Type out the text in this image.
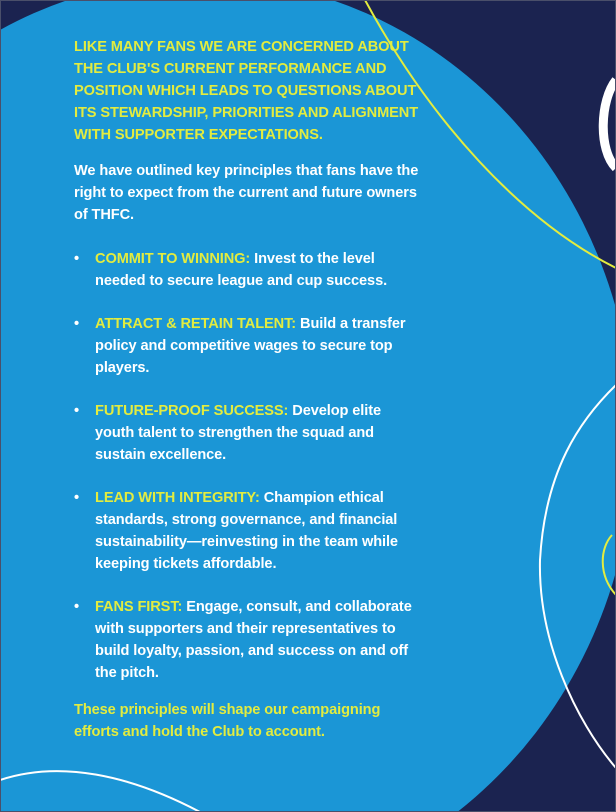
LIKE MANY FANS WE ARE CONCERNED ABOUT THE CLUB'S CURRENT PERFORMANCE AND POSITION WHICH LEADS TO QUESTIONS ABOUT ITS STEWARDSHIP, PRIORITIES AND ALIGNMENT WITH SUPPORTER EXPECTATIONS.

We have outlined key principles that fans have the right to expect from the current and future owners of THFC.

• COMMIT TO WINNING: Invest to the level needed to secure league and cup success.
• ATTRACT & RETAIN TALENT: Build a transfer policy and competitive wages to secure top players.
• FUTURE-PROOF SUCCESS: Develop elite youth talent to strengthen the squad and sustain excellence.
• LEAD WITH INTEGRITY: Champion ethical standards, strong governance, and financial sustainability—reinvesting in the team while keeping tickets affordable.
• FANS FIRST: Engage, consult, and collaborate with supporters and their representatives to build loyalty, passion, and success on and off the pitch.

These principles will shape our campaigning efforts and hold the Club to account.
